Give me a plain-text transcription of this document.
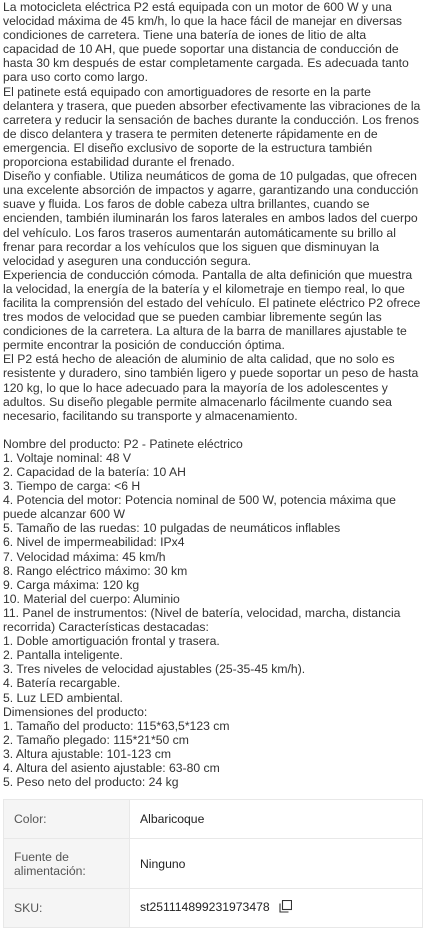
La motocicleta eléctrica P2 está equipada con un motor de 600 W y una velocidad máxima de 45 km/h, lo que la hace fácil de manejar en diversas condiciones de carretera. Tiene una batería de iones de litio de alta capacidad de 10 AH, que puede soportar una distancia de conducción de hasta 30 km después de estar completamente cargada. Es adecuada tanto para uso corto como largo.

El patinete está equipado con amortiguadores de resorte en la parte delantera y trasera, que pueden absorber efectivamente las vibraciones de la carretera y reducir la sensación de baches durante la conducción. Los frenos de disco delantera y trasera te permiten detenerte rápidamente en de emergencia. El diseño exclusivo de soporte de la estructura también proporciona estabilidad durante el frenado.

Diseño y confiable. Utiliza neumáticos de goma de 10 pulgadas, que ofrecen una excelente absorción de impactos y agarre, garantizando una conducción suave y fluida. Los faros de doble cabeza ultra brillantes, cuando se encienden, también iluminarán los faros laterales en ambos lados del cuerpo del vehículo. Los faros traseros aumentarán automáticamente su brillo al frenar para recordar a los vehículos que los siguen que disminuyan la velocidad y aseguren una conducción segura.

Experiencia de conducción cómoda. Pantalla de alta definición que muestra la velocidad, la energía de la batería y el kilometraje en tiempo real, lo que facilita la comprensión del estado del vehículo. El patinete eléctrico P2 ofrece tres modos de velocidad que se pueden cambiar libremente según las condiciones de la carretera. La altura de la barra de manillares ajustable te permite encontrar la posición de conducción óptima.

El P2 está hecho de aleación de aluminio de alta calidad, que no solo es resistente y duradero, sino también ligero y puede soportar un peso de hasta 120 kg, lo que lo hace adecuado para la mayoría de los adolescentes y adultos. Su diseño plegable permite almacenarlo fácilmente cuando sea necesario, facilitando su transporte y almacenamiento.

Nombre del producto: P2 - Patinete eléctrico

1. Voltaje nominal: 48 V

2. Capacidad de la batería: 10 AH

3. Tiempo de carga: <6 H

4. Potencia del motor: Potencia nominal de 500 W, potencia máxima que puede alcanzar 600 W

5. Tamaño de las ruedas: 10 pulgadas de neumáticos inflables

6. Nivel de impermeabilidad: IPx4

7. Velocidad máxima: 45 km/h

8. Rango eléctrico máximo: 30 km

9. Carga máxima: 120 kg

10. Material del cuerpo: Aluminio

11. Panel de instrumentos: (Nivel de batería, velocidad, marcha, distancia recorrida) Características destacadas:

1. Doble amortiguación frontal y trasera.

2. Pantalla inteligente.

3. Tres niveles de velocidad ajustables (25-35-45 km/h).

4. Batería recargable.

5. Luz LED ambiental.

Dimensiones del producto:

1. Tamaño del producto: 115*63,5*123 cm

2. Tamaño plegado: 115*21*50 cm

3. Altura ajustable: 101-123 cm

4. Altura del asiento ajustable: 63-80 cm

5. Peso neto del producto: 24 kg

Color:	Albaricoque
Fuente de alimentación:	Ninguno
SKU:	st251114899231973478
